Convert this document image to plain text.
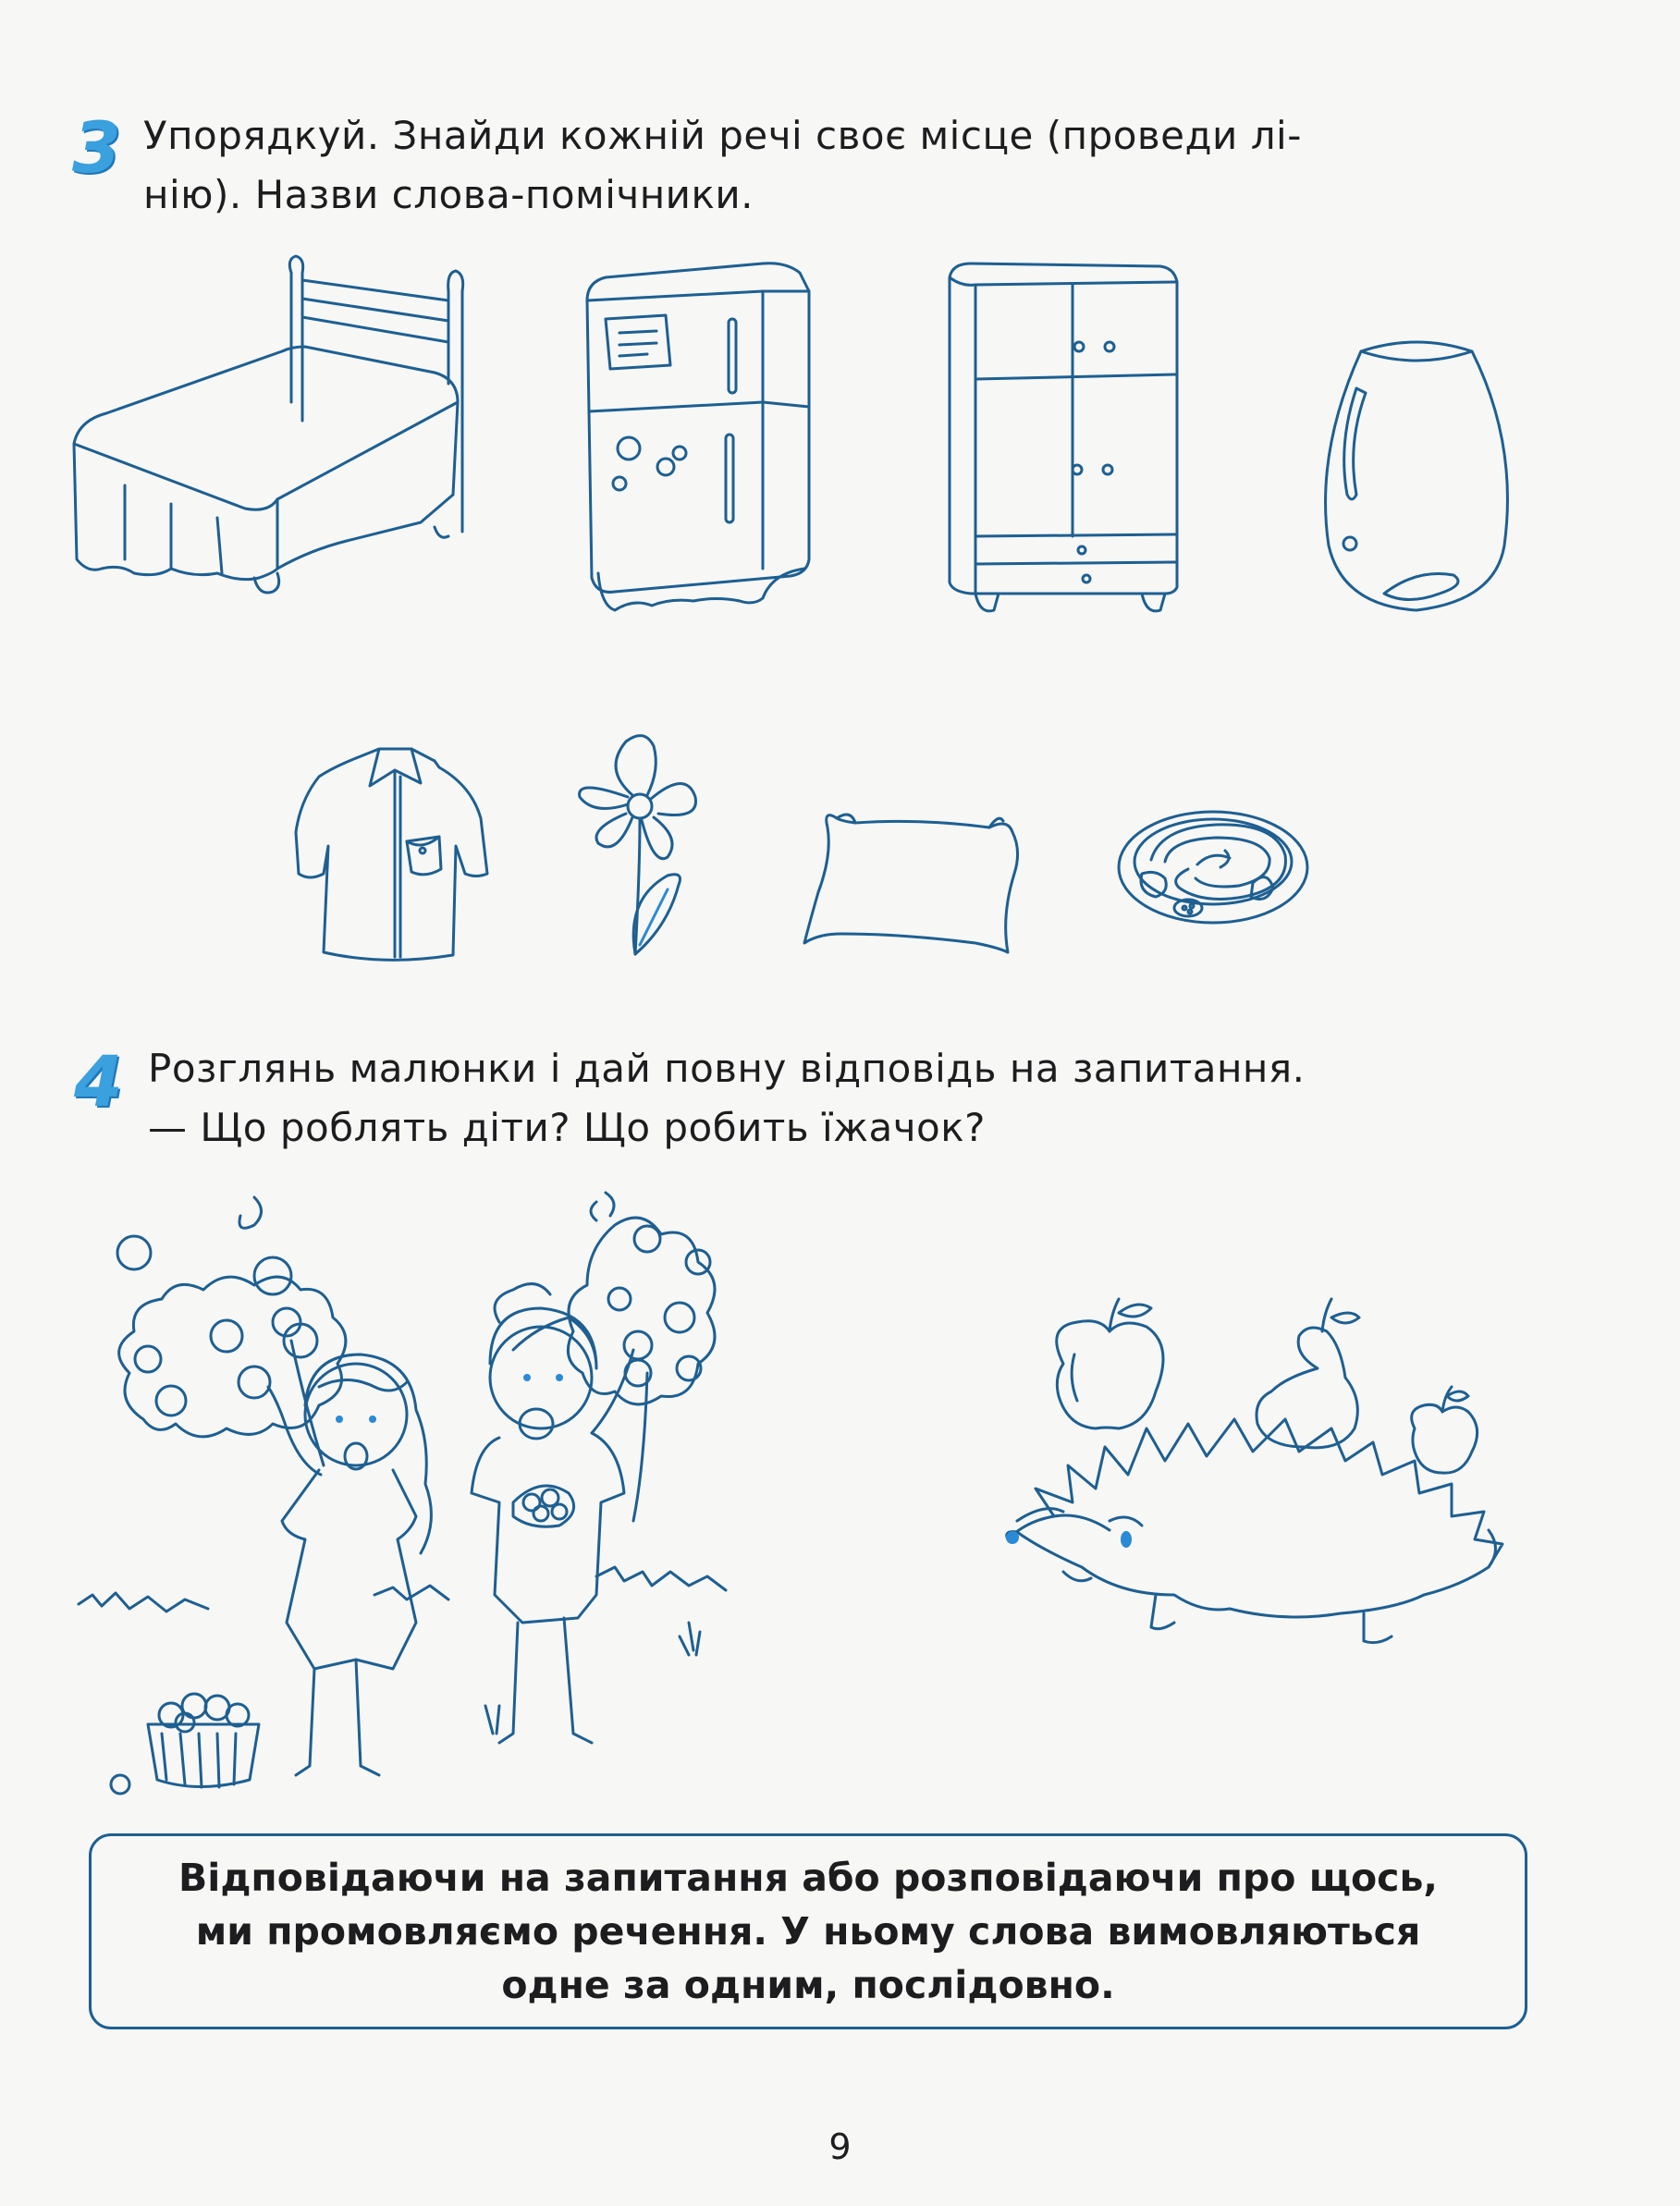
3 Упорядкуй. Знайди кожній речі своє місце (проведи лі-
нію). Назви слова-помічники.
4 Розглянь малюнки і дай повну відповідь на запитання.
— Що роблять діти? Що робить їжачок?
Відповідаючи на запитання або розповідаючи про щось,
ми промовляємо речення. У ньому слова вимовляються
одне за одним, послідовно.
9
